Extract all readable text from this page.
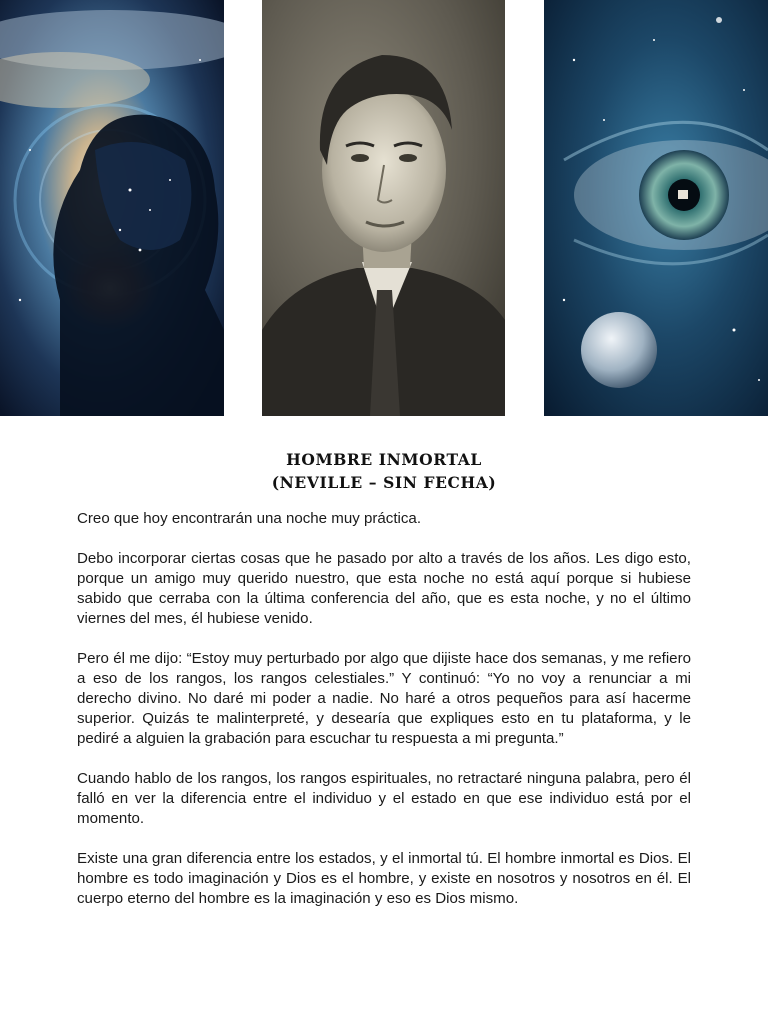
HOMBRE INMORTAL
(NEVILLE – SIN FECHA)

Creo que hoy encontrarán una noche muy práctica.

Debo incorporar ciertas cosas que he pasado por alto a través de los años. Les digo esto, porque un amigo muy querido nuestro, que esta noche no está aquí porque si hubiese sabido que cerraba con la última conferencia del año, que es esta noche, y no el último viernes del mes, él hubiese venido.

Pero él me dijo: “Estoy muy perturbado por algo que dijiste hace dos semanas, y me refiero a eso de los rangos, los rangos celestiales.” Y continuó: “Yo no voy a renunciar a mi derecho divino. No daré mi poder a nadie. No haré a otros pequeños para así hacerme superior. Quizás te malinterpreté, y desearía que expliques esto en tu plataforma, y le pediré a alguien la grabación para escuchar tu respuesta a mi pregunta.”

Cuando hablo de los rangos, los rangos espirituales, no retractaré ninguna palabra, pero él falló en ver la diferencia entre el individuo y el estado en que ese individuo está por el momento.

Existe una gran diferencia entre los estados, y el inmortal tú. El hombre inmortal es Dios. El hombre es todo imaginación y Dios es el hombre, y existe en nosotros y nosotros en él. El cuerpo eterno del hombre es la imaginación y eso es Dios mismo.
